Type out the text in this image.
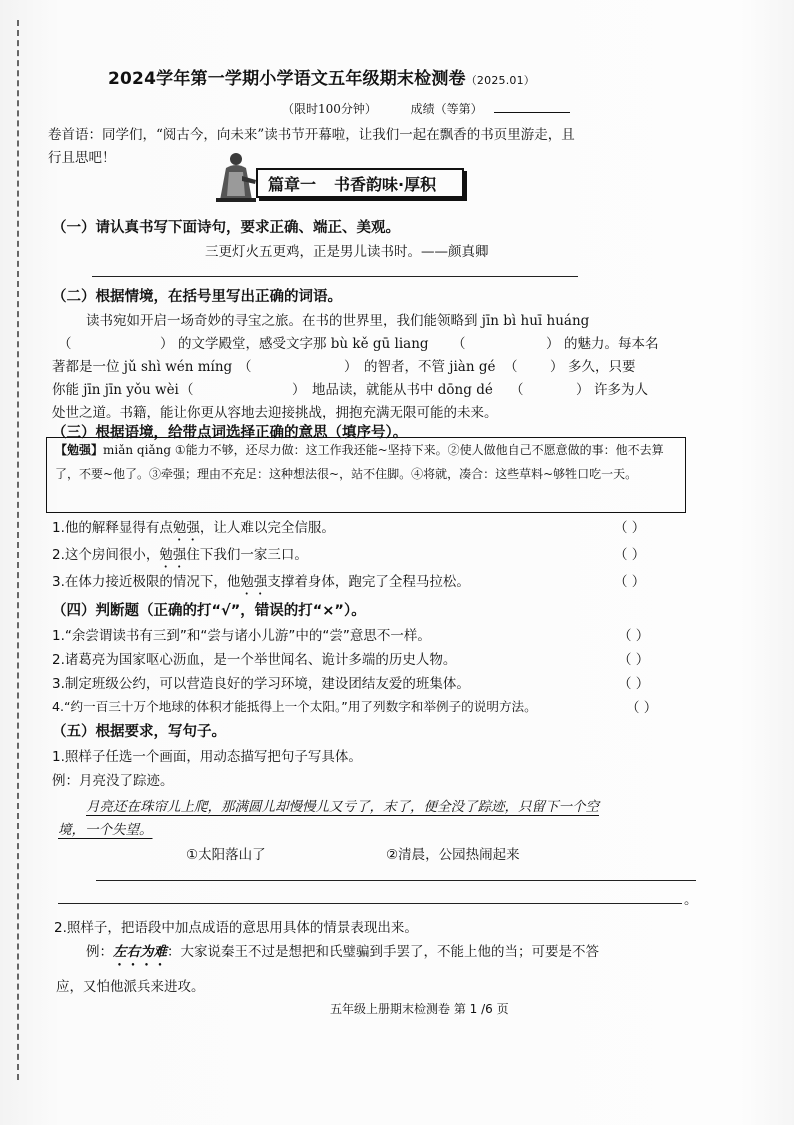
2024学年第一学期小学语文五年级期末检测卷（2025.01）
（限时100分钟）	成绩（等第）
卷首语：同学们，“阅古今，向未来”读书节开幕啦，让我们一起在飘香的书页里游走，且
行且思吧！
篇章一 书香韵味·厚积
（一）请认真书写下面诗句，要求正确、端正、美观。
三更灯火五更鸡，正是男儿读书时。——颜真卿
（二）根据情境，在括号里写出正确的词语。
读书宛如开启一场奇妙的寻宝之旅。在书的世界里，我们能领略到 jīn bì huī huáng
（	） 的文学殿堂，感受文字那 bù kě gū liang （	） 的魅力。每本名
著都是一位 jǔ shì wén míng （	） 的智者，不管 jiàn gé （ ） 多久，只要
你能 jīn jīn yǒu wèi （	） 地品读，就能从书中 dōng dé （	） 许多为人
处世之道。书籍，能让你更从容地去迎接挑战，拥抱充满无限可能的未来。
（三）根据语境，给带点词选择正确的意思（填序号）。
【勉强】miǎn qiǎng ①能力不够，还尽力做：这工作我还能~坚持下来。②使人做他自己不愿意做的事：他不去算了，不要~他了。③牵强；理由不充足：这种想法很~，站不住脚。④将就，凑合：这些草料~够牲口吃一天。
1.他的解释显得有点勉强，让人难以完全信服。	（ ）
2.这个房间很小，勉强住下我们一家三口。	（ ）
3.在体力接近极限的情况下，他勉强支撑着身体，跑完了全程马拉松。	（ ）
（四）判断题（正确的打“√”，错误的打“×”）。
1.“余尝谓读书有三到”和“尝与诸小儿游”中的“尝”意思不一样。	（ ）
2.诸葛亮为国家呕心沥血，是一个举世闻名、诡计多端的历史人物。	（ ）
3.制定班级公约，可以营造良好的学习环境，建设团结友爱的班集体。	（ ）
4.“约一百三十万个地球的体积才能抵得上一个太阳。”用了列数字和举例子的说明方法。	（ ）
（五）根据要求，写句子。
1.照样子任选一个画面，用动态描写把句子写具体。
例：月亮没了踪迹。
月亮还在珠帘儿上爬，那满圆儿却慢慢儿又亏了，末了，便全没了踪迹，只留下一个空
境，一个失望。
①太阳落山了	②清晨，公园热闹起来
。
2.照样子，把语段中加点成语的意思用具体的情景表现出来。
例：左右为难：大家说秦王不过是想把和氏璧骗到手罢了，不能上他的当；可要是不答
应，又怕他派兵来进攻。
五年级上册期末检测卷 第 1 /6 页
